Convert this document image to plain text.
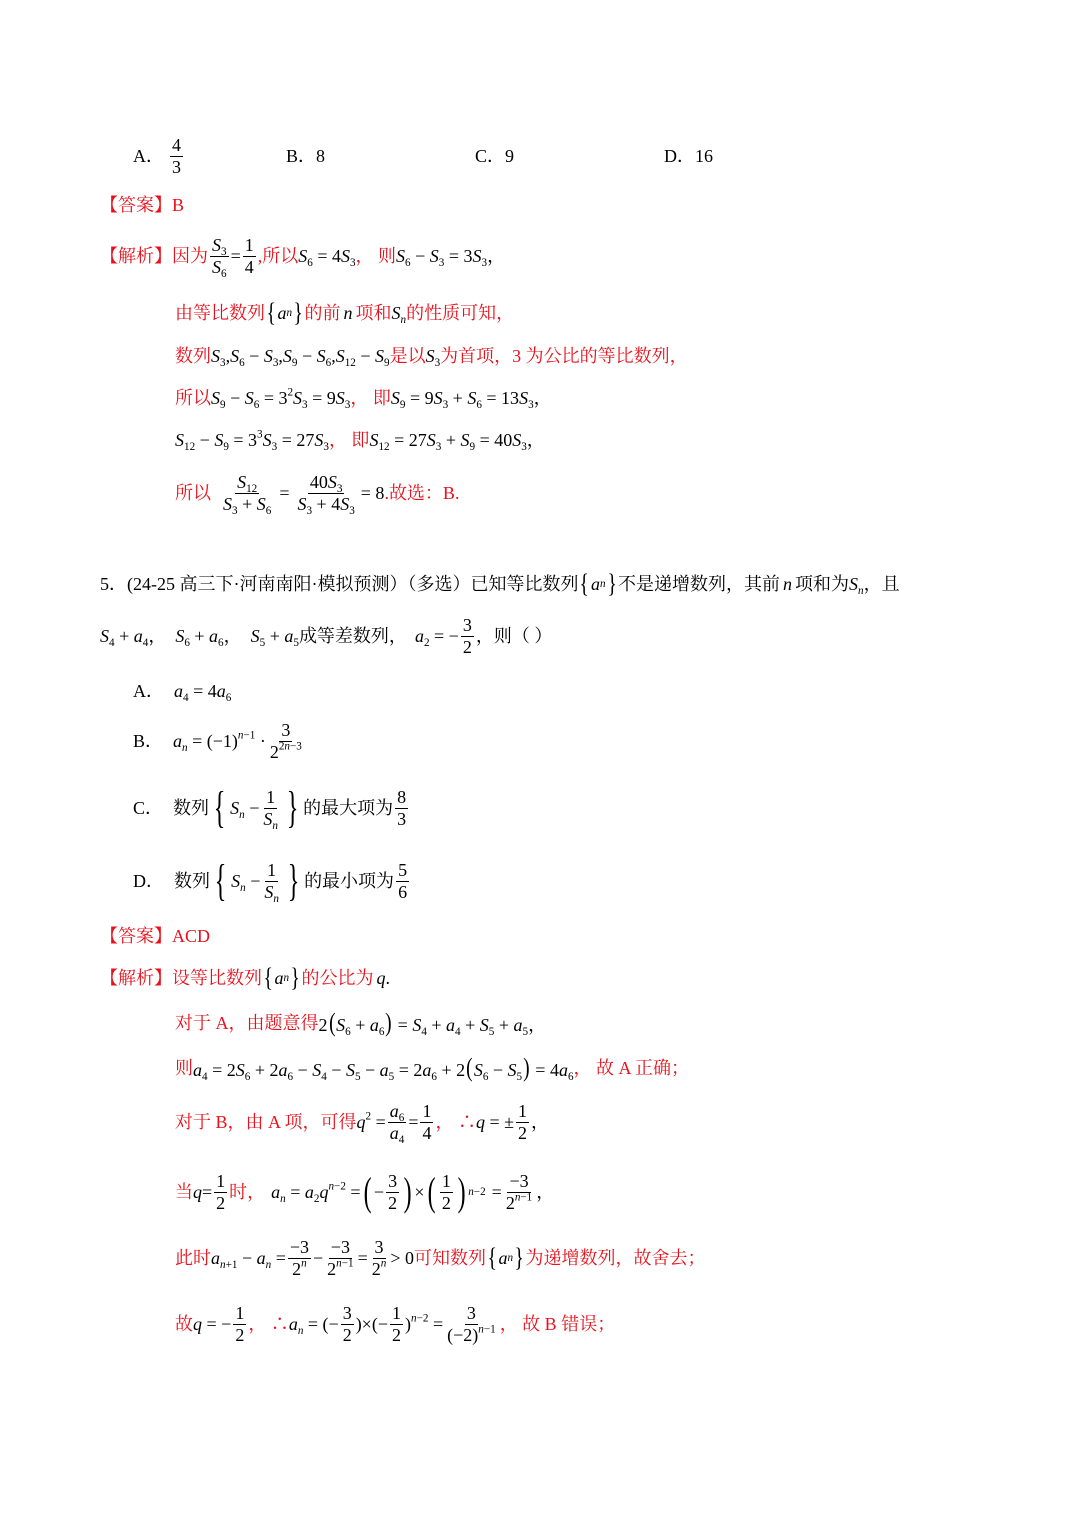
A． $\frac{4}{3}$	B．8	C．9	D．16
【答案】 B
【解析】 因为 $\frac{S_3}{S_6} = \frac{1}{4}$ ,所以 $S_6 = 4S_3$ ， 则 $S_6 - S_3 = 3S_3$ ，
由等比数列 { a n } 的前 n 项和 $S_n$ 的性质可知，
数列 $S_3,S_6 - S_3,S_9 - S_6,S_{12} - S_9$ 是以 $S_3$ 为首项，3 为公比的等比数列，
所以 $S_9 - S_6 = 3^2S_3 = 9S_3$ ， 即 $S_9 = 9S_3 + S_6 = 13S_3$ ，
$S_{12} - S_9 = 3^3S_3 = 27S_3$ ， 即 $S_{12} = 27S_3 + S_9 = 40S_3$ ，
所以 $\frac{S_{12}}{S_3 + S_6} = \frac{40S_3}{S_3 + 4S_3} = 8$ .故选：B.
5．(24-25 高三下·河南南阳·模拟预测）（多选）已知等比数列 { a n } 不是递增数列，其前 n 项和为 $S_n$ ，且
$S_4 + a_4$，  $S_6 + a_6$，  $S_5 + a_5$ 成等差数列， $a_2$ = − $\frac{3}{2}$ ，则（ ）
A． $a_4 = 4a_6$
B． $a_n = (-1)^{n-1} \cdot \frac{3}{2^{2n-3}}$
C． 数列 { $S_n - \frac{1}{S_n}$ } 的最大项为 $\frac{8}{3}$
D． 数列 { $S_n - \frac{1}{S_n}$ } 的最小项为 $\frac{5}{6}$
【答案】 ACD
【解析】 设等比数列 { a n } 的公比为 q .
对于 A，由题意得 $2(S_6 + a_6) = S_4 + a_4 + S_5 + a_5$，
则 $a_4 = 2S_6 + 2a_6 - S_4 - S_5 - a_5 = 2a_6 + 2(S_6 - S_5) = 4a_6$ ， 故 A 正确；
对于 B，由 A 项，可得 $q^2 = \frac{a_6}{a_4} = \frac{1}{4}$ ， ∴ q = ± $\frac{1}{2}$ ，
当 $q = \frac{1}{2}$ 时， $a_n = a_2q^{n-2}$ = ( − $\frac{3}{2}$ ) × ( $\frac{1}{2}$ ) $n-2 = \frac{-3}{2^{n-1}}$ ，
此时 $a_{n+1} - a_n = \frac{-3}{2^n} - \frac{-3}{2^{n-1}} = \frac{3}{2^n} > 0$ 可知数列 { a n } 为递增数列，故舍去；
故 q = − $\frac{1}{2}$ ， ∴ $a_n$ = (− $\frac{3}{2}$ )×(− $\frac{1}{2} )^{n-2} = \frac{3}{(-2)^{n-1}}$ ， 故 B 错误；
